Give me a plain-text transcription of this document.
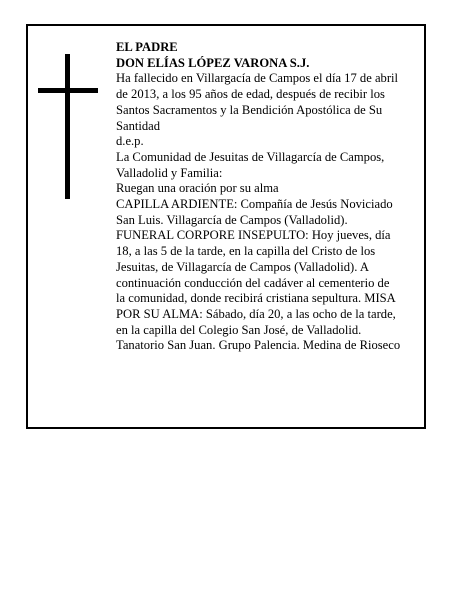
EL PADRE
DON ELÍAS LÓPEZ VARONA S.J.
Ha fallecido en Villargacía de Campos el día 17 de abril
de 2013, a los 95 años de edad, después de recibir los
Santos Sacramentos y la Bendición Apostólica de Su
Santidad
d.e.p.
La Comunidad de Jesuitas de Villagarcía de Campos,
Valladolid y Familia:
Ruegan una oración por su alma
CAPILLA ARDIENTE: Compañía de Jesús Noviciado
San Luis. Villagarcía de Campos (Valladolid).
FUNERAL CORPORE INSEPULTO: Hoy jueves, día
18, a las 5 de la tarde, en la capilla del Cristo de los
Jesuitas, de Villagarcía de Campos (Valladolid). A
continuación conducción del cadáver al cementerio de
la comunidad, donde recibirá cristiana sepultura. MISA
POR SU ALMA: Sábado, día 20, a las ocho de la tarde,
en la capilla del Colegio San José, de Valladolid.
Tanatorio San Juan. Grupo Palencia. Medina de Rioseco
